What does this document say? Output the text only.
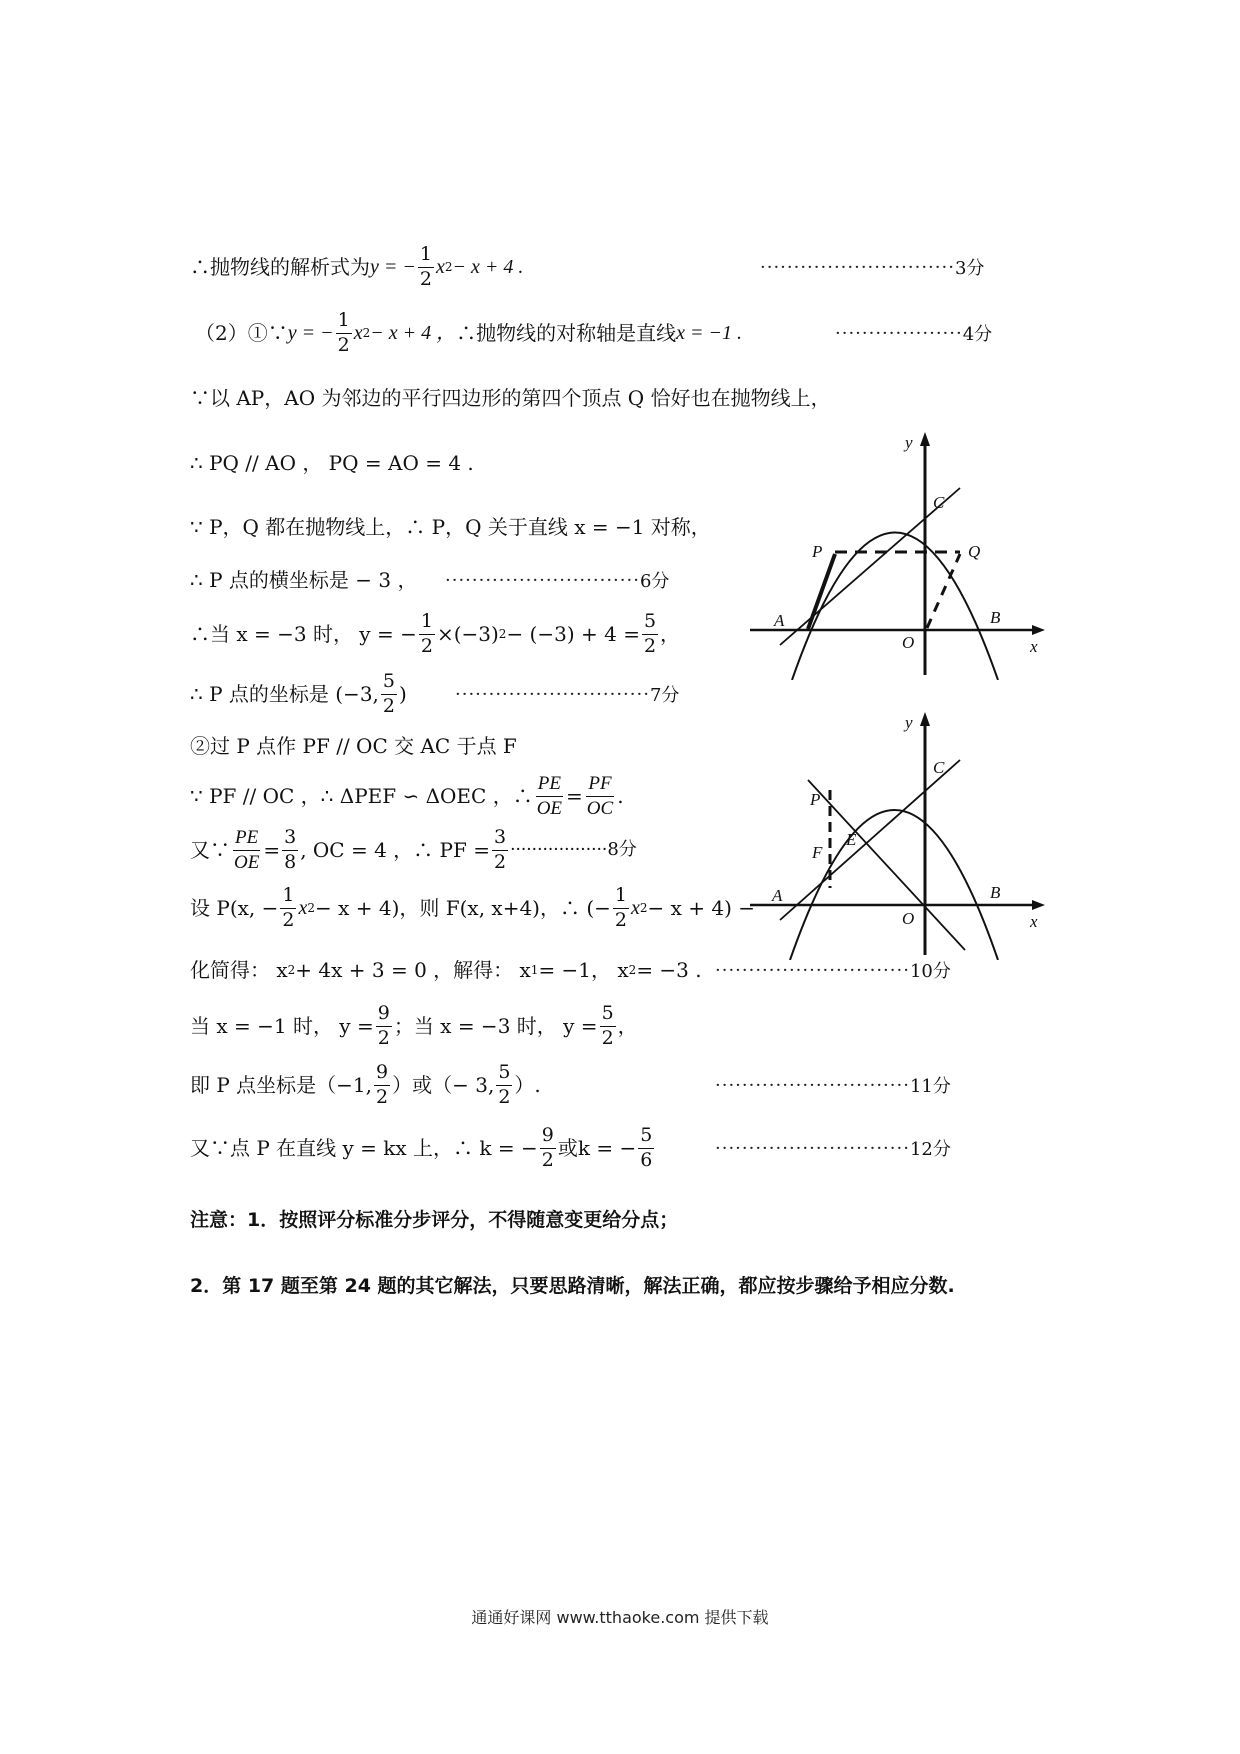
∴抛物线的解析式为 y = − $\frac{1}{2}$ x 2 − x + 4 .	····························· 3分
（2）①∵ y = − $\frac{1}{2}$ x 2 − x + 4 ， ∴抛物线的对称轴是直线 x = −1 .	··················· 4分
∵以 AP，AO 为邻边的平行四边形的第四个顶点 Q 恰好也在抛物线上，
∴ PQ // AO ， PQ = AO = 4 .
∵ P，Q 都在抛物线上，∴ P，Q 关于直线 x = −1 对称，
∴ P 点的横坐标是 − 3 ， ····························· 6分
∴当 x = −3 时， y = − $\frac{1}{2} \times(-3) 2 - (-3) + 4 = \frac{5}{2}$ ，
∴ P 点的坐标是 (−3, $\frac{5}{2}$ )	····························· 7分
②过 P 点作 PF // OC 交 AC 于点 F
∵ PF // OC ，∴ ΔPEF ∽ ΔOEC ，∴ $\frac{PE}{OE} = \frac{PF}{OC}$ .
又∵ $\frac{PE}{OE} = \frac{3}{8}$ , OC = 4 ，∴ PF = $\frac{3}{2}$ ·················· 8分
设 P(x, − $\frac{1}{2}$ x 2 − x + 4)，则 F(x, x+4)，∴ (− $\frac{1}{2}$ x 2 − x + 4) −
化简得： x 2 + 4x + 3 = 0 ，解得： x 1 = −1， x 2 = −3 . ····························· 10分
当 x = −1 时， $y = \frac{9}{2}$ ；当 x = −3 时， $y = \frac{5}{2}$ ，
即 P 点坐标是（−1, $\frac{9}{2}$ ）或（− 3, $\frac{5}{2}$ ）.	····························· 11分
又∵点 P 在直线 y = kx 上，∴ k = − $\frac{9}{2}$ 或k = − $\frac{5}{6}$	····························· 12分
注意：1．按照评分标准分步评分，不得随意变更给分点；
2．第 17 题至第 24 题的其它解法，只要思路清晰，解法正确，都应按步骤给予相应分数.
y
C
P	Q
A	B
O	x
y
C
P
E
F
A	B
O	x
通通好课网 www.tthaoke.com 提供下载
